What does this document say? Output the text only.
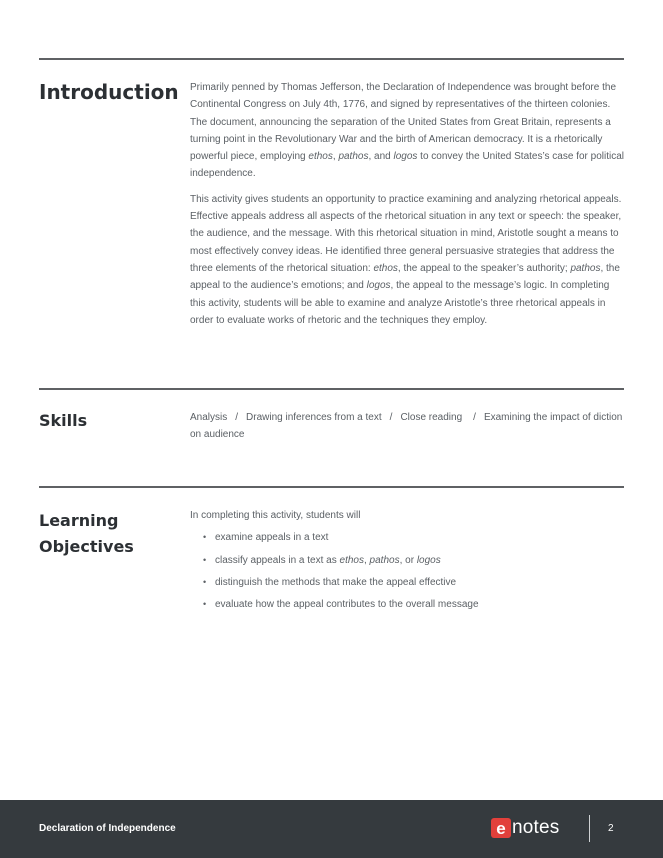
Introduction Primarily penned by Thomas Jefferson, the Declaration of Independence was brought before the Continental Congress on July 4th, 1776, and signed by representatives of the thirteen colonies. The document, announcing the separation of the United States from Great Britain, represents a turning point in the Revolutionary War and the birth of American democracy. It is a rhetorically powerful piece, employing ethos, pathos, and logos to convey the United States’s case for political independence.

This activity gives students an opportunity to practice examining and analyzing rhetorical appeals. Effective appeals address all aspects of the rhetorical situation in any text or speech: the speaker, the audience, and the message. With this rhetorical situation in mind, Aristotle sought a means to most effectively convey ideas. He identified three general persuasive strategies that address the three elements of the rhetorical situation: ethos, the appeal to the speaker’s authority; pathos, the appeal to the audience’s emotions; and logos, the appeal to the message’s logic. In completing this activity, students will be able to examine and analyze Aristotle’s three rhetorical appeals in order to evaluate works of rhetoric and the techniques they employ.

Skills	Analysis / Drawing inferences from a text / Close reading / Examining the impact of diction on audience
Learning
Objectives

In completing this activity, students will

• examine appeals in a text
• classify appeals in a text as ethos, pathos, or logos
• distinguish the methods that make the appeal effective
• evaluate how the appeal contributes to the overall message
Declaration of Independence	e notes	2
